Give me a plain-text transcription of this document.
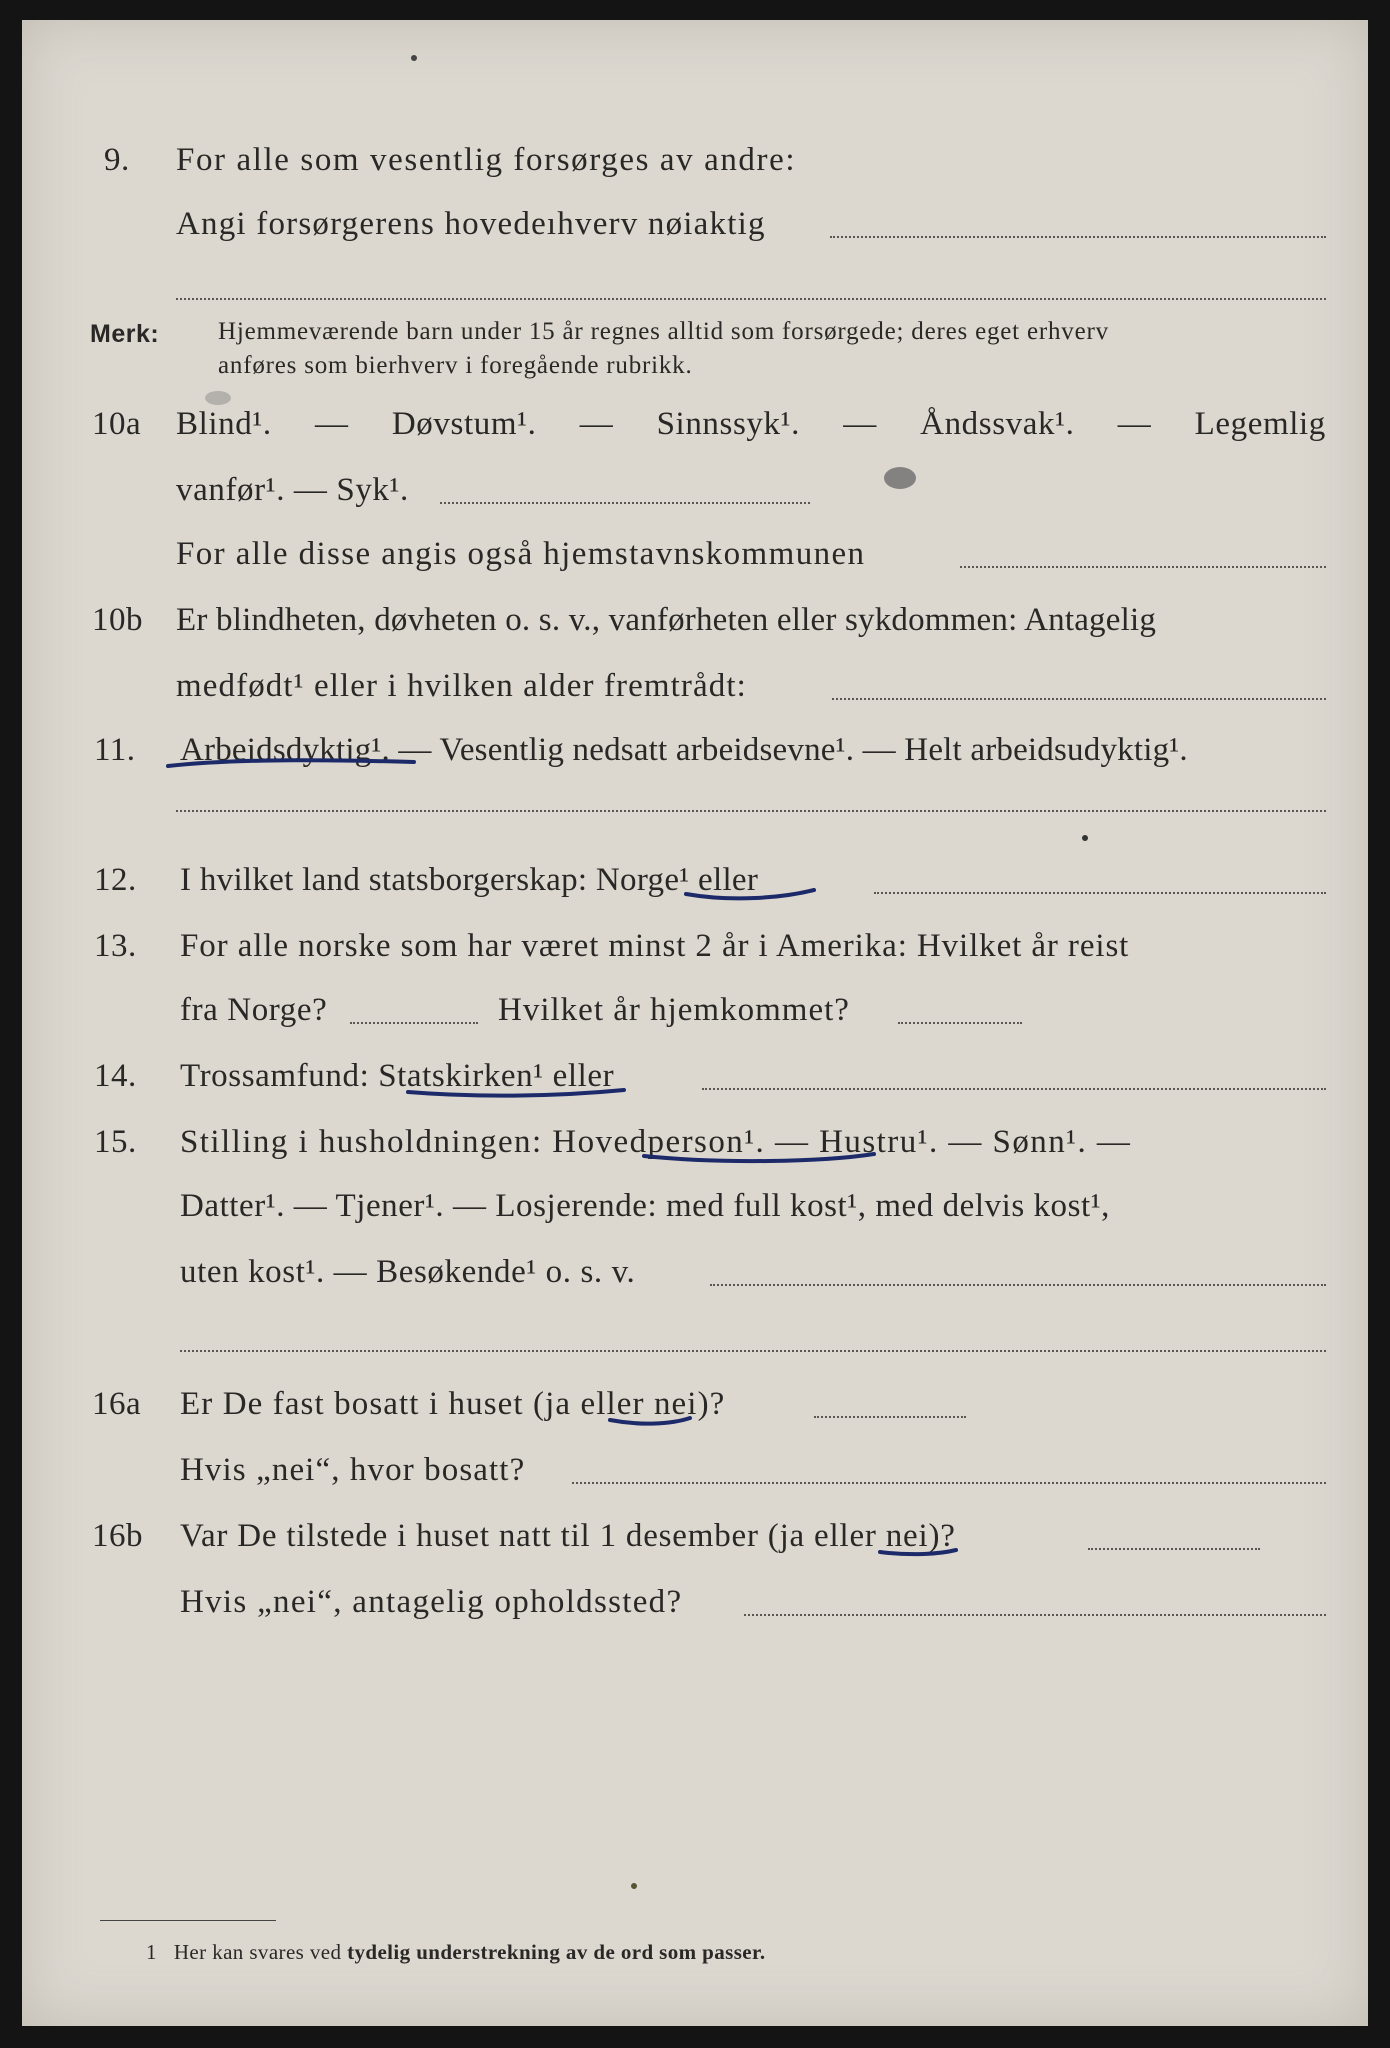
9. For alle som vesentlig forsørges av andre:
Angi forsørgerens hovedeıhverv nøiaktig
Merk: Hjemmeværende barn under 15 år regnes alltid som forsørgede; deres eget erhverv
anføres som bierhverv i foregående rubrikk.
10a Blind¹. — Døvstum¹. — Sinnssyk¹. — Åndssvak¹. — Legemlig
vanfør¹. — Syk¹.
For alle disse angis også hjemstavnskommunen
10b Er blindheten, døvheten o. s. v., vanførheten eller sykdommen: Antagelig
medfødt¹ eller i hvilken alder fremtrådt:
11. Arbeidsdyktig¹. — Vesentlig nedsatt arbeidsevne¹. — Helt arbeidsudyktig¹.
12. I hvilket land statsborgerskap: Norge¹ eller
13. For alle norske som har været minst 2 år i Amerika: Hvilket år reist
fra Norge?	Hvilket år hjemkommet?
14. Trossamfund: Statskirken¹ eller
15. Stilling i husholdningen: Hovedperson¹. — Hustru¹. — Sønn¹. —
Datter¹. — Tjener¹. — Losjerende: med full kost¹, med delvis kost¹,
uten kost¹. — Besøkende¹ o. s. v.
16a Er De fast bosatt i huset (ja eller nei)?
Hvis „nei“, hvor bosatt?
16b Var De tilstede i huset natt til 1 desember (ja eller nei)?
Hvis „nei“, antagelig opholdssted?
1 Her kan svares ved tydelig understrekning av de ord som passer.
